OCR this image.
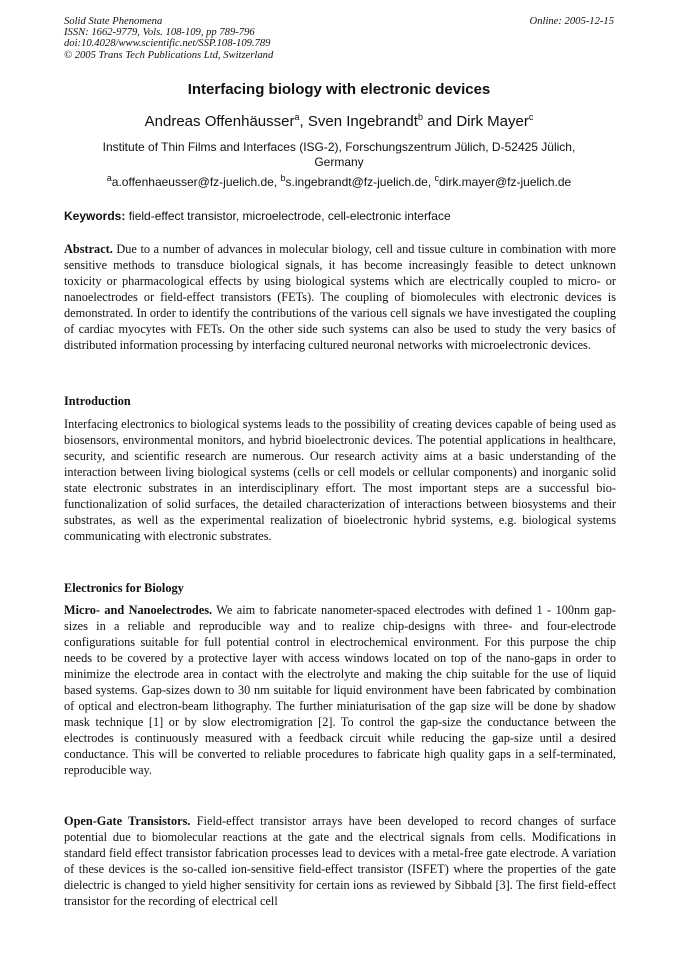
Solid State Phenomena
ISSN: 1662-9779, Vols. 108-109, pp 789-796
doi:10.4028/www.scientific.net/SSP.108-109.789
© 2005 Trans Tech Publications Ltd, Switzerland
Online: 2005-12-15
Interfacing biology with electronic devices
Andreas Offenhäusser$^a$, Sven Ingebrandt$^b$ and Dirk Mayer$^c$
Institute of Thin Films and Interfaces (ISG-2), Forschungszentrum Jülich, D-52425 Jülich, Germany
$^a$a.offenhaeusser@fz-juelich.de, $^b$s.ingebrandt@fz-juelich.de, $^c$dirk.mayer@fz-juelich.de
Keywords: field-effect transistor, microelectrode, cell-electronic interface

Abstract. Due to a number of advances in molecular biology, cell and tissue culture in combination with more sensitive methods to transduce biological signals, it has become increasingly feasible to detect unknown toxicity or pharmacological effects by using biological systems which are electrically coupled to micro- or nanoelectrodes or field-effect transistors (FETs). The coupling of biomolecules with electronic devices is demonstrated. In order to identify the contributions of the various cell signals we have investigated the coupling of cardiac myocytes with FETs. On the other side such systems can also be used to study the very basics of distributed information processing by interfacing cultured neuronal networks with microelectronic devices.

Introduction

Interfacing electronics to biological systems leads to the possibility of creating devices capable of being used as biosensors, environmental monitors, and hybrid bioelectronic devices. The potential applications in healthcare, security, and scientific research are numerous. Our research activity aims at a basic understanding of the interaction between living biological systems (cells or cell models or cellular components) and inorganic solid state electronic substrates in an interdisciplinary effort. The most important steps are a successful bio-functionalization of solid surfaces, the detailed characterization of interactions between biosystems and their substrates, as well as the experimental realization of bioelectronic hybrid systems, e.g. biological systems communicating with electronic substrates.

Electronics for Biology

Micro- and Nanoelectrodes. We aim to fabricate nanometer-spaced electrodes with defined 1 - 100nm gap-sizes in a reliable and reproducible way and to realize chip-designs with three- and four-electrode configurations suitable for full potential control in electrochemical environment. For this purpose the chip needs to be covered by a protective layer with access windows located on top of the nano-gaps in order to minimize the electrode area in contact with the electrolyte and making the chip suitable for the use of liquid based systems. Gap-sizes down to 30 nm suitable for liquid environment have been fabricated by combination of optical and electron-beam lithography. The further miniaturisation of the gap size will be done by shadow mask technique [1] or by slow electromigration [2]. To control the gap-size the conductance between the electrodes is continuously measured with a feedback circuit while reducing the gap-size until a desired conductance. This will be converted to reliable procedures to fabricate high quality gaps in a self-terminated, reproducible way.

Open-Gate Transistors. Field-effect transistor arrays have been developed to record changes of surface potential due to biomolecular reactions at the gate and the electrical signals from cells. Modifications in standard field effect transistor fabrication processes lead to devices with a metal-free gate electrode. A variation of these devices is the so-called ion-sensitive field-effect transistor (ISFET) where the properties of the gate dielectric is changed to yield higher sensitivity for certain ions as reviewed by Sibbald [3]. The first field-effect transistor for the recording of electrical cell
